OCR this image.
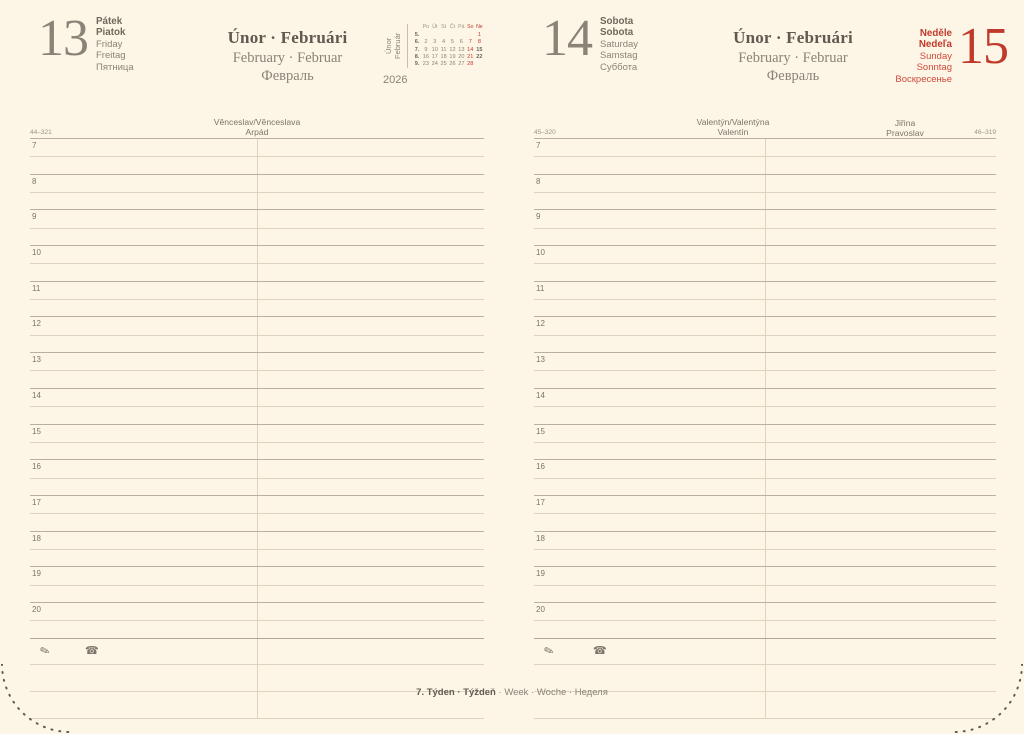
13 Pátek
Piatok
Friday
Freitag
Пятница
Únor · Februári
February · Februar
Февраль
Únor Február
2026
	Po	Út	St	Čt	Pá	So	Ne
5.							1
6.	2	3	4	5	6	7	8
7.	9	10	11	12	13	14	15
8.	16	17	18	19	20	21	22
9.	23	24	25	26	27	28	
44–321
Věnceslav/Věnceslava
Arpád
7
8
9
10
11
12
13
14
15
16
17
18
19
20
✎	☎
14 Sobota
Sobota
Saturday
Samstag
Суббота
Únor · Februári
February · Februar
Февраль
Neděle
Nedeľa
Sunday
Sonntag
Воскресенье
15
45–320
Valentýn/Valentýna
Valentín
Jiřina
Pravoslav	46–319
7
8
9
10
11
12
13
14
15
16
17
18
19
20
✎	☎
7. Týden · Týždeň · Week · Woche · Неделя
